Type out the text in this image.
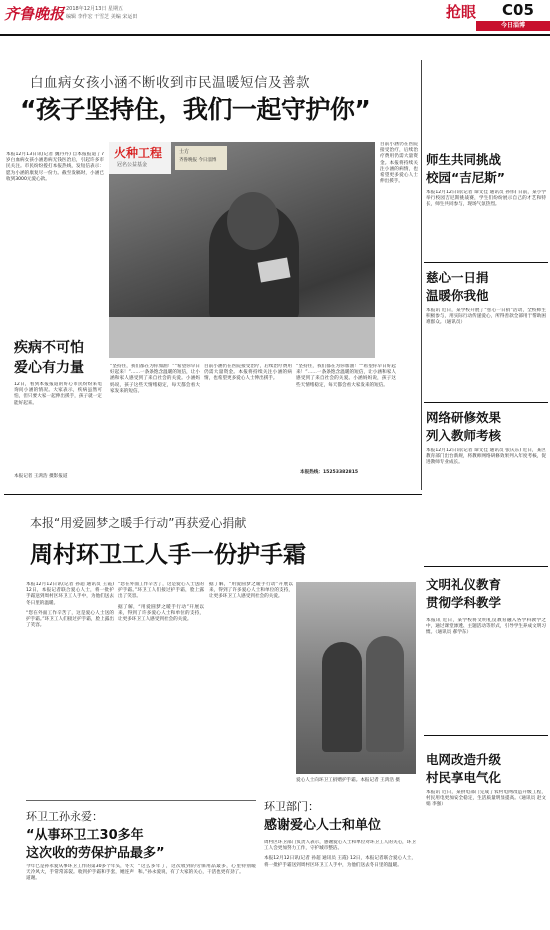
齐鲁晚报 2018年12月13日 星期五
编辑 李作宏 干雪芝 美编 宋运田	抢眼 C05
今日淄博
白血病女孩小涵不断收到市民温暖短信及善款
“孩子坚持住，我们一起守护你”
火种工程
冠名公益基金
士方
齐鲁晚报 今日淄博

本报12月13日讯(记者 魏丹丹) 自本报报道了7岁白血病女孩小涵患病无钱医治后，引起许多市民关注。市民纷纷拨打本报热线，发短信表示：愿为小涵的康复尽一份力。截至发稿时，小涵已收到3000元爱心款。

“坚持住，我们都在为你加油！”“希望你早日好起来！”……一条条饱含温暖的短信，让小涵和家人感受到了来自社会的关爱。小涵妈妈说，孩子这些天情绪稳定，每天都会看大家发来的短信。

目前小涵仍在医院接受治疗，后续治疗费用仍需大量资金。本报将持续关注小涵的病情，也希望更多爱心人士伸出援手。

“坚持住，我们都在为你加油！”“希望你早日好起来！”……一条条饱含温暖的短信，让小涵和家人感受到了来自社会的关爱。小涵妈妈说，孩子这些天情绪稳定，每天都会看大家发来的短信。

本报热线：15253382815

目前小涵仍在医院接受治疗，后续治疗费用仍需大量资金。本报将持续关注小涵的病情，也希望更多爱心人士伸出援手。

疾病不可怕
爱心有力量

12日，看到本报报道的好心市民纷纷来电询问小涵的情况。大家表示，疾病虽然可怕，但只要大家一起伸出援手，孩子就一定能好起来。

本报记者 王鸿浩 摄影报道
师生共同挑战
校园“吉尼斯”

本报12月12日讯(记者 谭文佳 通讯员 孙伟) 日前，某小学举行校园吉尼斯挑战赛，学生们纷纷展示自己的才艺和特长，师生共同参与，现场气氛热烈。

慈心一日捐
温暖你我他

本报讯 近日，某学校开展了“慈心一日捐”活动，全校师生积极参与，用实际行动传递爱心，所得善款全部用于帮助困难群众。（通讯员）

网络研修效果
列入教师考核

本报12月12日讯(记者 谭文佳 通讯员 张庆东) 近日，某区教育部门出台新规，将教师网络研修效果列入年度考核，促进教师专业成长。

文明礼仪教育
贯彻学科教学

本报讯 近日，某学校将文明礼仪教育融入各学科教学之中，通过课堂渗透、主题活动等形式，引导学生养成文明习惯。（通讯员 郝学东）

电网改造升级
村民享电气化

本报讯 近日，某供电部门完成了农村电网改造升级工程，村民用电更加安全稳定，生活质量明显提高。（通讯员 赵文娟 李强）

本报“用爱圆梦之暖手行动”再获爱心捐献
周村环卫工人手一份护手霜

本报12月12日讯(记者 孙超 通讯员 王霞) 12日，本报记者联合爱心人士，将一批护手霜送到周村区环卫工人手中，为他们送去冬日里的温暖。

“您在外面工作辛苦了，这是爱心人士送的护手霜。”环卫工人们接过护手霜，脸上露出了笑容。

“您在外面工作辛苦了，这是爱心人士送的护手霜。”环卫工人们接过护手霜，脸上露出了笑容。

据了解，“用爱圆梦之暖手行动”开展以来，得到了许多爱心人士和单位的支持，让更多环卫工人感受到社会的关爱。

据了解，“用爱圆梦之暖手行动”开展以来，得到了许多爱心人士和单位的支持，让更多环卫工人感受到社会的关爱。

爱心人士向环卫工捐赠护手霜。本报记者 王鸿浩 摄
环卫部门：
感谢爱心人士和单位

周村区环卫部门负责人表示，感谢爱心人士和单位对环卫工人的关心，环卫工人会更加努力工作，守护城市整洁。

本报12月12日讯(记者 孙超 通讯员 王霞) 12日，本报记者联合爱心人士，将一批护手霜送到周村区环卫工人手中，为他们送去冬日里的温暖。

环卫工孙永爱：
“从事环卫工30多年
这次收的劳保护品最多”

今年已是孙永爱从事环卫工作的第30多个年头，冬天天冷风大，手常常冻裂。收到护手霜和手套，她连声道谢。

“这么多年了，这次收到的劳保用品最多，心里特别暖和。”孙永爱说，有了大家的关心，干活也更有劲了。
